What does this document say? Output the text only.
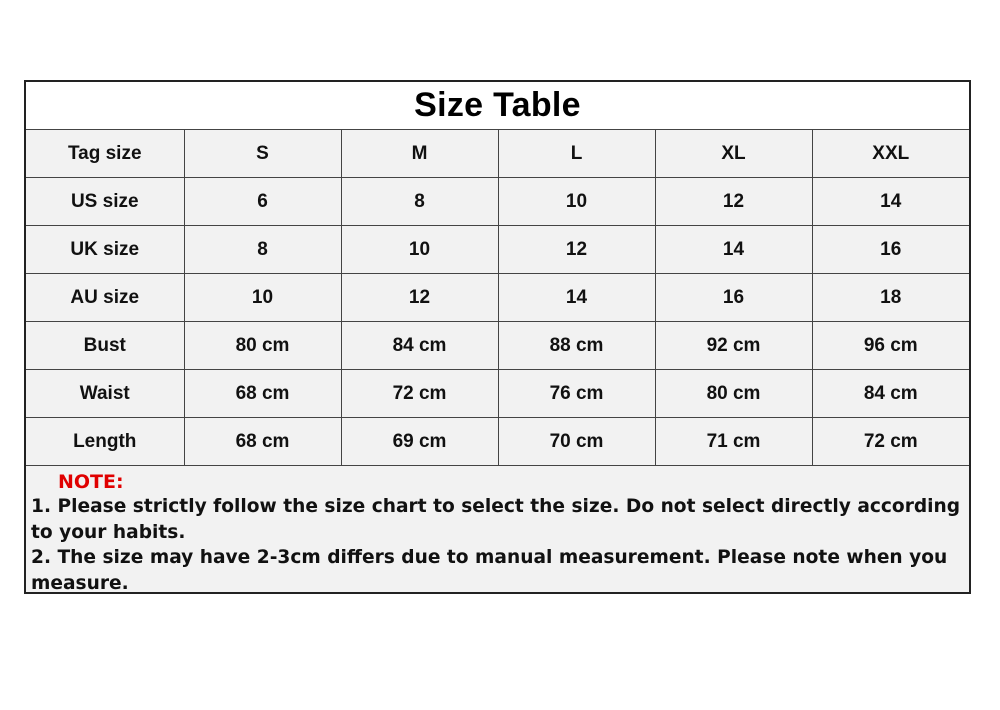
Size Table
Tag size	S	M	L	XL	XXL
US size	6	8	10	12	14
UK size	8	10	12	14	16
AU size	10	12	14	16	18
Bust	80 cm	84 cm	88 cm	92 cm	96 cm
Waist	68 cm	72 cm	76 cm	80 cm	84 cm
Length	68 cm	69 cm	70 cm	71 cm	72 cm
NOTE:
1. Please strictly follow the size chart to select the size. Do not select directly according to your habits.
2. The size may have 2-3cm differs due to manual measurement. Please note when you measure.
